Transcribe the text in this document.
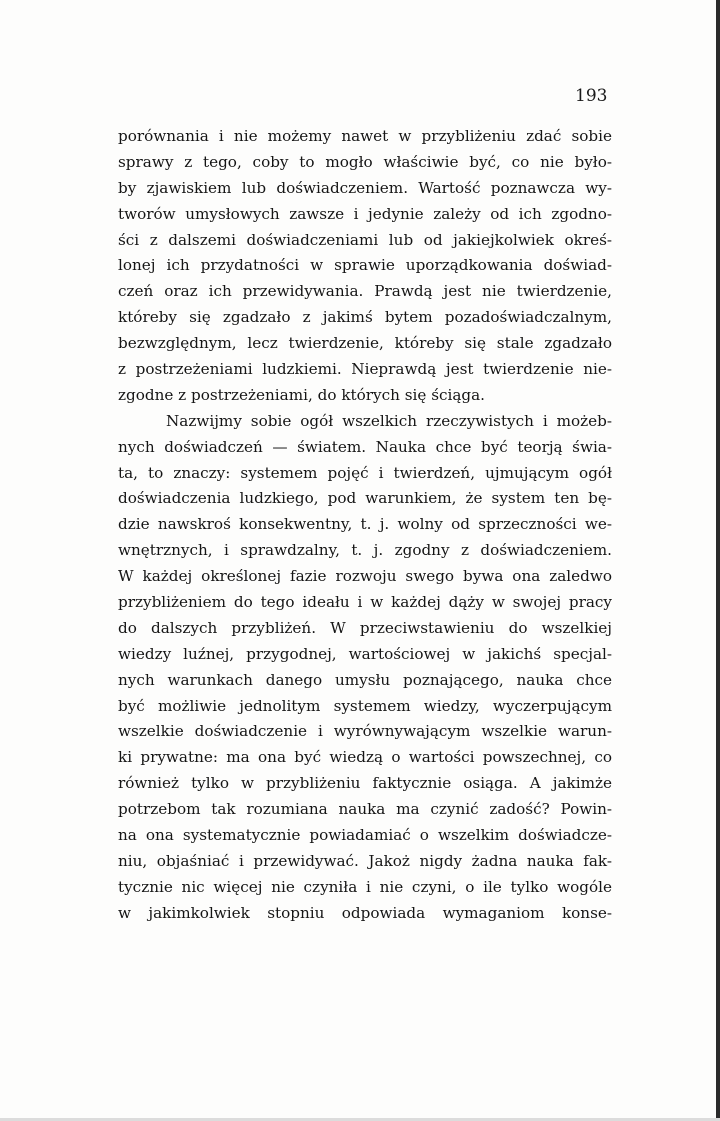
193
porównania i nie możemy nawet w przybliżeniu zdać sobie
sprawy z tego, coby to mogło właściwie być, co nie było-
by zjawiskiem lub doświadczeniem. Wartość poznawcza wy-
tworów umysłowych zawsze i jedynie zależy od ich zgodno-
ści z dalszemi doświadczeniami lub od jakiejkolwiek okreś-
lonej ich przydatności w sprawie uporządkowania doświad-
czeń oraz ich przewidywania. Prawdą jest nie twierdzenie,
któreby się zgadzało z jakimś bytem pozadoświadczalnym,
bezwzględnym, lecz twierdzenie, któreby się stale zgadzało
z postrzeżeniami ludzkiemi. Nieprawdą jest twierdzenie nie-
zgodne z postrzeżeniami, do których się ściąga.
Nazwijmy sobie ogół wszelkich rzeczywistych i możeb-
nych doświadczeń — światem. Nauka chce być teorją świa-
ta, to znaczy: systemem pojęć i twierdzeń, ujmującym ogół
doświadczenia ludzkiego, pod warunkiem, że system ten bę-
dzie nawskroś konsekwentny, t. j. wolny od sprzeczności we-
wnętrznych, i sprawdzalny, t. j. zgodny z doświadczeniem.
W każdej określonej fazie rozwoju swego bywa ona zaledwo
przybliżeniem do tego ideału i w każdej dąży w swojej pracy
do dalszych przybliżeń. W przeciwstawieniu do wszelkiej
wiedzy luźnej, przygodnej, wartościowej w jakichś specjal-
nych warunkach danego umysłu poznającego, nauka chce
być możliwie jednolitym systemem wiedzy, wyczerpującym
wszelkie doświadczenie i wyrównywającym wszelkie warun-
ki prywatne: ma ona być wiedzą o wartości powszechnej, co
również tylko w przybliżeniu faktycznie osiąga. A jakimże
potrzebom tak rozumiana nauka ma czynić zadość? Powin-
na ona systematycznie powiadamiać o wszelkim doświadcze-
niu, objaśniać i przewidywać. Jakoż nigdy żadna nauka fak-
tycznie nic więcej nie czyniła i nie czyni, o ile tylko wogóle
w jakimkolwiek stopniu odpowiada wymaganiom konse-
